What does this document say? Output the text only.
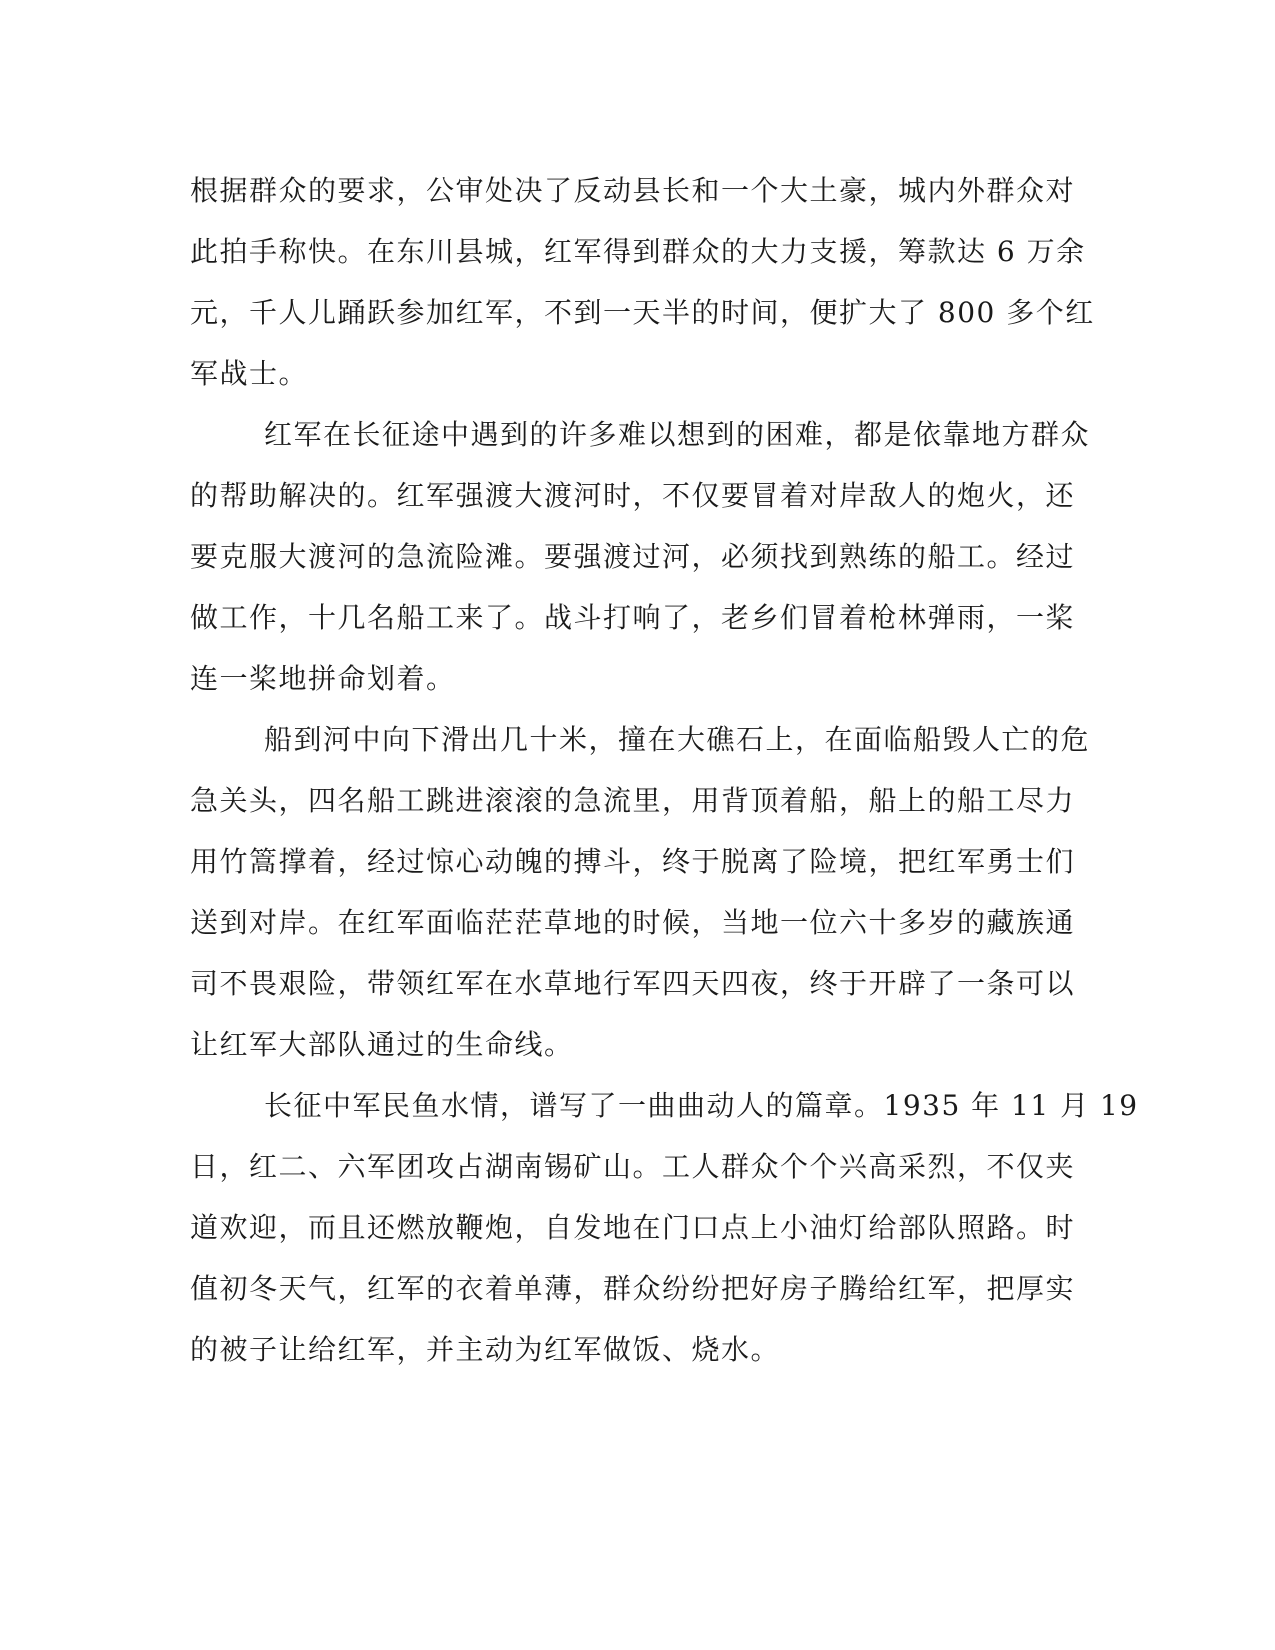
根据群众的要求，公审处决了反动县长和一个大土豪，城内外群众对
此拍手称快。在东川县城，红军得到群众的大力支援，筹款达 6 万余
元，千人儿踊跃参加红军，不到一天半的时间，便扩大了 800 多个红
军战士。

红军在长征途中遇到的许多难以想到的困难，都是依靠地方群众
的帮助解决的。红军强渡大渡河时，不仅要冒着对岸敌人的炮火，还
要克服大渡河的急流险滩。要强渡过河，必须找到熟练的船工。经过
做工作，十几名船工来了。战斗打响了，老乡们冒着枪林弹雨，一桨
连一桨地拼命划着。

船到河中向下滑出几十米，撞在大礁石上，在面临船毁人亡的危
急关头，四名船工跳进滚滚的急流里，用背顶着船，船上的船工尽力
用竹篙撑着，经过惊心动魄的搏斗，终于脱离了险境，把红军勇士们
送到对岸。在红军面临茫茫草地的时候，当地一位六十多岁的藏族通
司不畏艰险，带领红军在水草地行军四天四夜，终于开辟了一条可以
让红军大部队通过的生命线。

长征中军民鱼水情，谱写了一曲曲动人的篇章。1935 年 11 月 19
日，红二、六军团攻占湖南锡矿山。工人群众个个兴高采烈，不仅夹
道欢迎，而且还燃放鞭炮，自发地在门口点上小油灯给部队照路。时
值初冬天气，红军的衣着单薄，群众纷纷把好房子腾给红军，把厚实
的被子让给红军，并主动为红军做饭、烧水。
